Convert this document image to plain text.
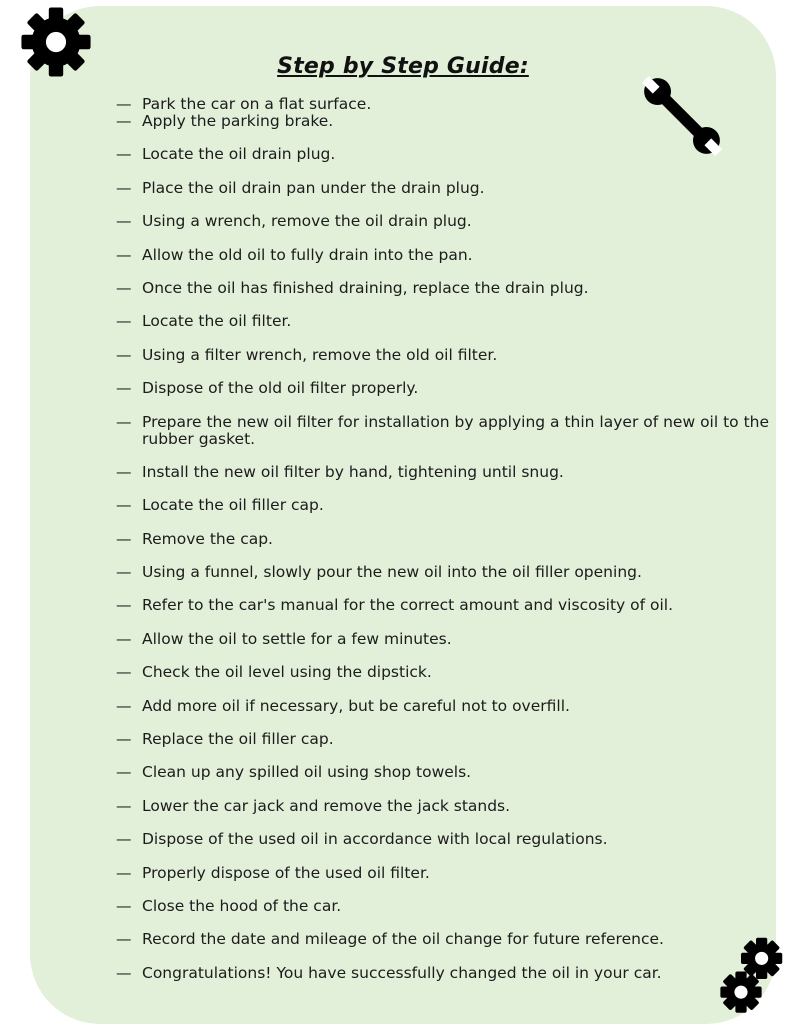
Step by Step Guide:
— Park the car on a flat surface.
— Apply the parking brake.
— Locate the oil drain plug.
— Place the oil drain pan under the drain plug.
— Using a wrench, remove the oil drain plug.
— Allow the old oil to fully drain into the pan.
— Once the oil has finished draining, replace the drain plug.
— Locate the oil filter.
— Using a filter wrench, remove the old oil filter.
— Dispose of the old oil filter properly.
— Prepare the new oil filter for installation by applying a thin layer of new oil to the rubber gasket.
— Install the new oil filter by hand, tightening until snug.
— Locate the oil filler cap.
— Remove the cap.
— Using a funnel, slowly pour the new oil into the oil filler opening.
— Refer to the car's manual for the correct amount and viscosity of oil.
— Allow the oil to settle for a few minutes.
— Check the oil level using the dipstick.
— Add more oil if necessary, but be careful not to overfill.
— Replace the oil filler cap.
— Clean up any spilled oil using shop towels.
— Lower the car jack and remove the jack stands.
— Dispose of the used oil in accordance with local regulations.
— Properly dispose of the used oil filter.
— Close the hood of the car.
— Record the date and mileage of the oil change for future reference.
— Congratulations! You have successfully changed the oil in your car.
